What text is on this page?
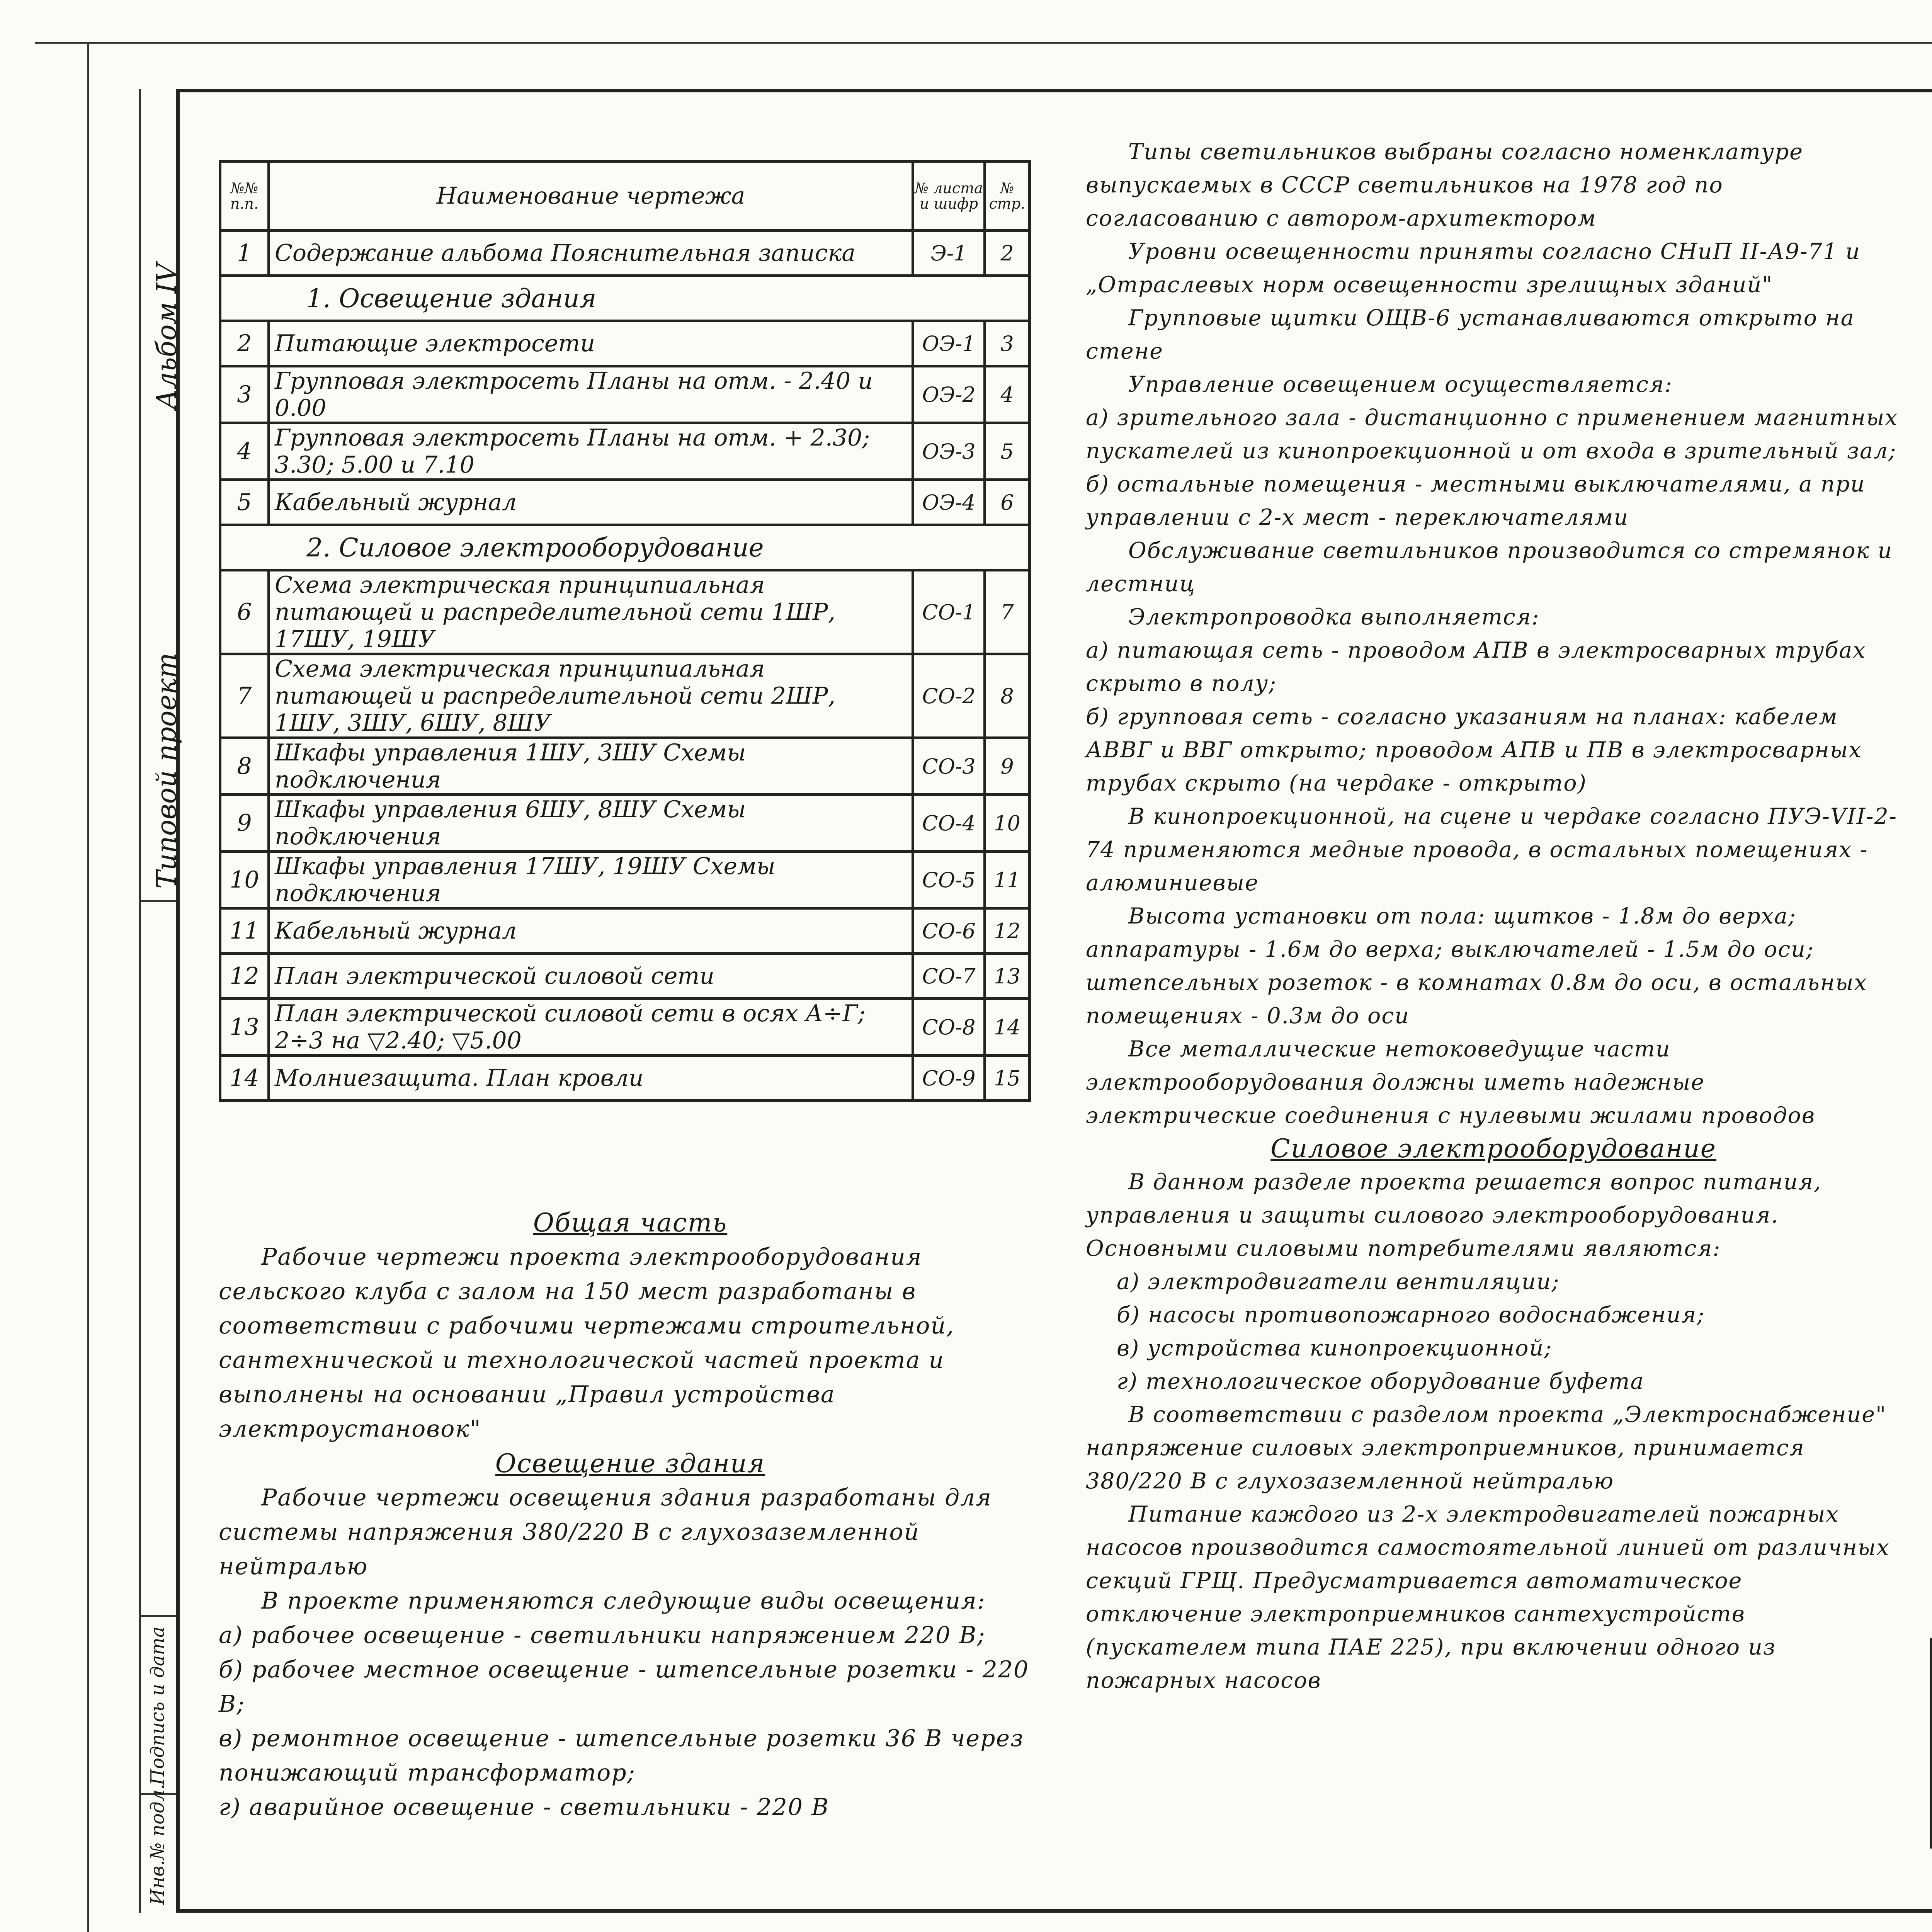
Альбом IV
Типовой проект
Подпись и дата
Инв.№ подл.
№№ п.п.	Наименование чертежа	№ листа и шифр	№ стр.
1	Содержание альбома Пояснительная записка	Э-1	2
1. Освещение здания			
2	Питающие электросети	ОЭ-1	3
3	Групповая электросеть Планы на отм. - 2.40 и 0.00	ОЭ-2	4
4	Групповая электросеть Планы на отм. + 2.30; 3.30; 5.00 и 7.10	ОЭ-3	5
5	Кабельный журнал	ОЭ-4	6
2. Силовое электрооборудование			
6	Схема электрическая принципиальная питающей и распределительной сети 1ШР, 17ШУ, 19ШУ	СО-1	7
7	Схема электрическая принципиальная питающей и распределительной сети 2ШР, 1ШУ, 3ШУ, 6ШУ, 8ШУ	СО-2	8
8	Шкафы управления 1ШУ, 3ШУ Схемы подключения	СО-3	9
9	Шкафы управления 6ШУ, 8ШУ Схемы подключения	СО-4	10
10	Шкафы управления 17ШУ, 19ШУ Схемы подключения	СО-5	11
11	Кабельный журнал	СО-6	12
12	План электрической силовой сети	СО-7	13
13	План электрической силовой сети в осях А÷Г; 2÷3 на ▽2.40; ▽5.00	СО-8	14
14	Молниезащита. План кровли	СО-9	15

Общая часть

Рабочие чертежи проекта электрооборудования сельского клуба с залом на 150 мест разработаны в соответствии с рабочими чертежами строительной, сантехнической и технологической частей проекта и выполнены на основании „Правил устройства электроустановок"

Освещение здания

Рабочие чертежи освещения здания разработаны для системы напряжения 380/220 В с глухозаземленной нейтралью

В проекте применяются следующие виды освещения:

а) рабочее освещение - светильники напряжением 220 В;

б) рабочее местное освещение - штепсельные розетки - 220 В;

в) ремонтное освещение - штепсельные розетки 36 В через понижающий трансформатор;

г) аварийное освещение - светильники - 220 В

Типы светильников выбраны согласно номенклатуре выпускаемых в СССР светильников на 1978 год по согласованию с автором-архитектором

Уровни освещенности приняты согласно СНиП II-А9-71 и „Отраслевых норм освещенности зрелищных зданий"

Групповые щитки ОЩВ-6 устанавливаются открыто на стене

Управление освещением осуществляется:

а) зрительного зала - дистанционно с применением магнитных пускателей из кинопроекционной и от входа в зрительный зал;

б) остальные помещения - местными выключателями, а при управлении с 2-х мест - переключателями

Обслуживание светильников производится со стремянок и лестниц

Электропроводка выполняется:

а) питающая сеть - проводом АПВ в электросварных трубах скрыто в полу;

б) групповая сеть - согласно указаниям на планах: кабелем АВВГ и ВВГ открыто; проводом АПВ и ПВ в электросварных трубах скрыто (на чердаке - открыто)

В кинопроекционной, на сцене и чердаке согласно ПУЭ-VII-2-74 применяются медные провода, в остальных помещениях - алюминиевые

Высота установки от пола: щитков - 1.8м до верха; аппаратуры - 1.6м до верха; выключателей - 1.5м до оси; штепсельных розеток - в комнатах 0.8м до оси, в остальных помещениях - 0.3м до оси

Все металлические нетоковедущие части электрооборудования должны иметь надежные электрические соединения с нулевыми жилами проводов

Силовое электрооборудование

В данном разделе проекта решается вопрос питания, управления и защиты силового электрооборудования. Основными силовыми потребителями являются:

а) электродвигатели вентиляции;

б) насосы противопожарного водоснабжения;

в) устройства кинопроекционной;

г) технологическое оборудование буфета

В соответствии с разделом проекта „Электроснабжение" напряжение силовых электроприемников, принимается 380/220 В с глухозаземленной нейтралью

Питание каждого из 2-х электродвигателей пожарных насосов производится самостоятельной линией от различных секций ГРЩ. Предусматривается автоматическое отключение электроприемников сантехустройств (пускателем типа ПАЕ 225), при включении одного из пожарных насосов
